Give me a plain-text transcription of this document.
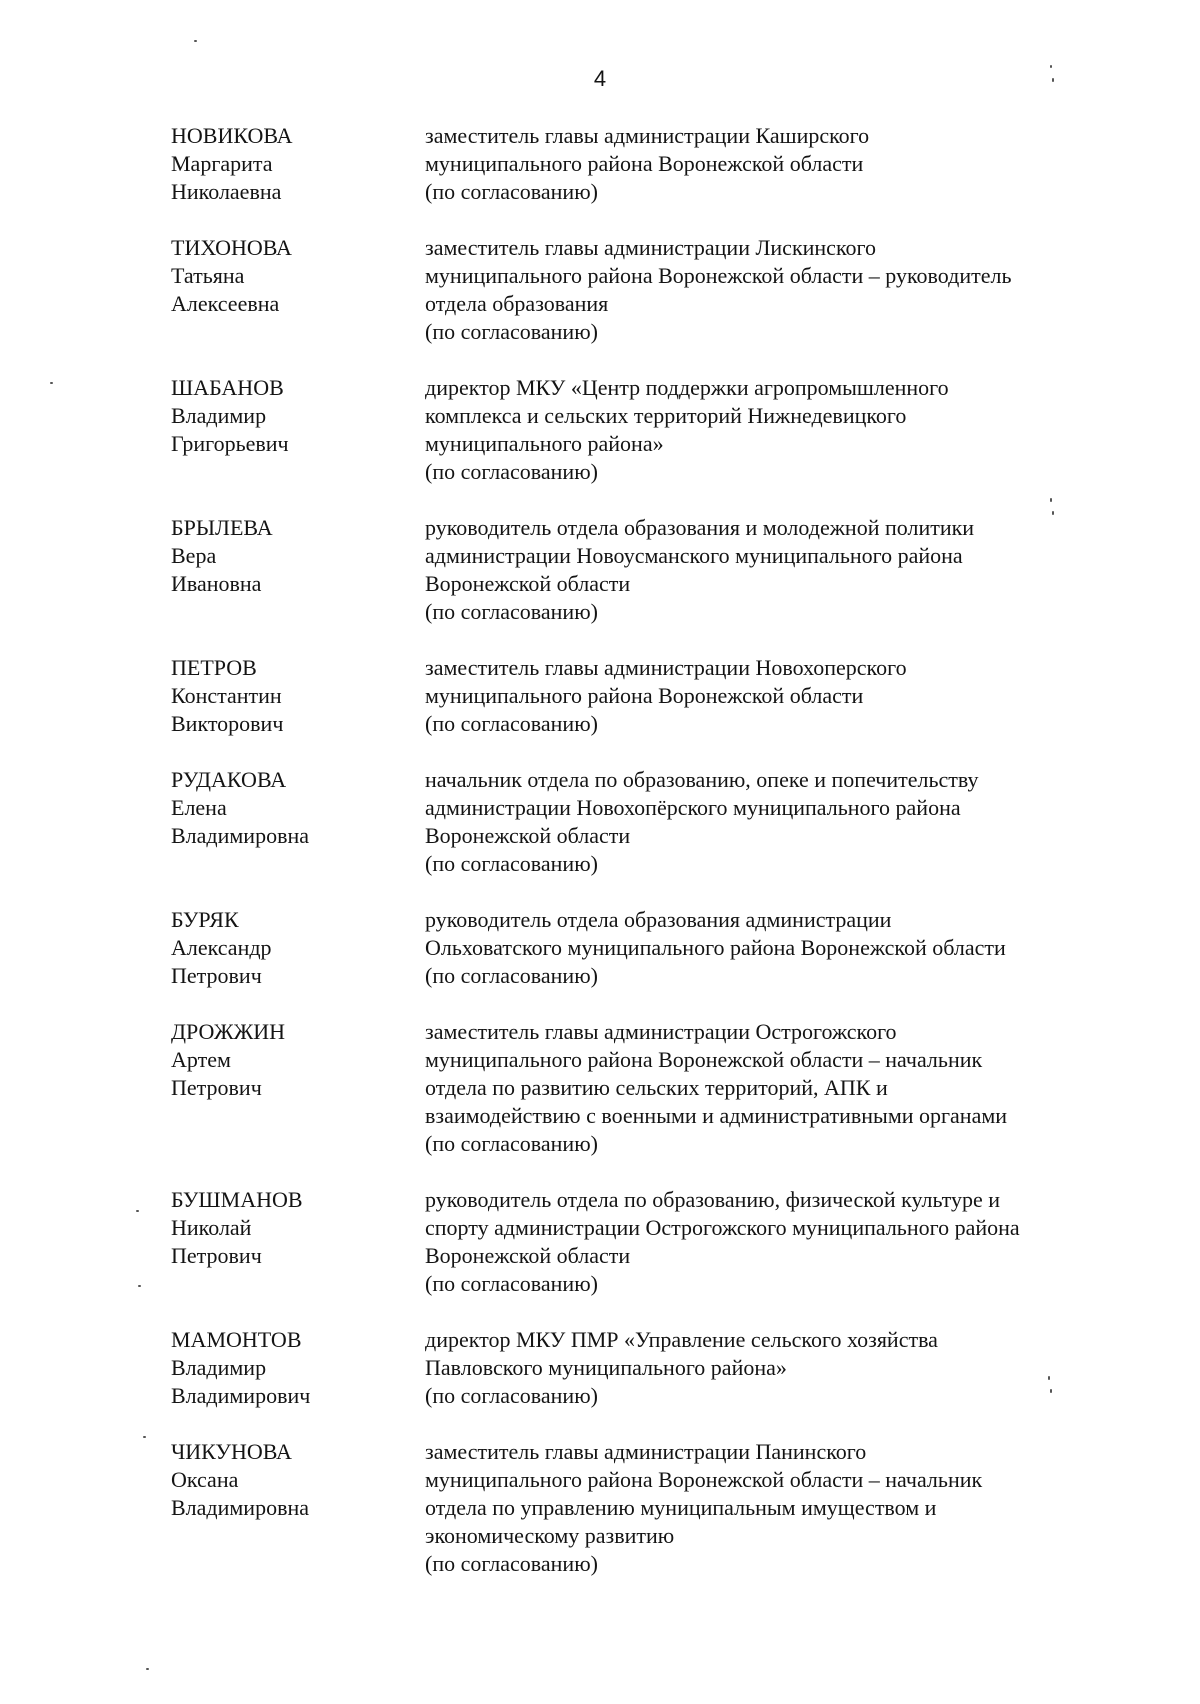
4
НОВИКОВА
Маргарита
Николаевна
заместитель главы администрации Каширского
муниципального района Воронежской области
(по согласованию)
ТИХОНОВА
Татьяна
Алексеевна
заместитель главы администрации Лискинского
муниципального района Воронежской области – руководитель
отдела образования
(по согласованию)
ШАБАНОВ
Владимир
Григорьевич
директор МКУ «Центр поддержки агропромышленного
комплекса и сельских территорий Нижнедевицкого
муниципального района»
(по согласованию)
БРЫЛЕВА
Вера
Ивановна
руководитель отдела образования и молодежной политики
администрации Новоусманского муниципального района
Воронежской области
(по согласованию)
ПЕТРОВ
Константин
Викторович
заместитель главы администрации Новохоперского
муниципального района Воронежской области
(по согласованию)
РУДАКОВА
Елена
Владимировна
начальник отдела по образованию, опеке и попечительству
администрации Новохопёрского муниципального района
Воронежской области
(по согласованию)
БУРЯК
Александр
Петрович
руководитель отдела образования администрации
Ольховатского муниципального района Воронежской области
(по согласованию)
ДРОЖЖИН
Артем
Петрович
заместитель главы администрации Острогожского
муниципального района Воронежской области – начальник
отдела по развитию сельских территорий, АПК и
взаимодействию с военными и административными органами
(по согласованию)
БУШМАНОВ
Николай
Петрович
руководитель отдела по образованию, физической культуре и
спорту администрации Острогожского муниципального района
Воронежской области
(по согласованию)
МАМОНТОВ
Владимир
Владимирович
директор МКУ ПМР «Управление сельского хозяйства
Павловского муниципального района»
(по согласованию)
ЧИКУНОВА
Оксана
Владимировна
заместитель главы администрации Панинского
муниципального района Воронежской области – начальник
отдела по управлению муниципальным имуществом и
экономическому развитию
(по согласованию)
